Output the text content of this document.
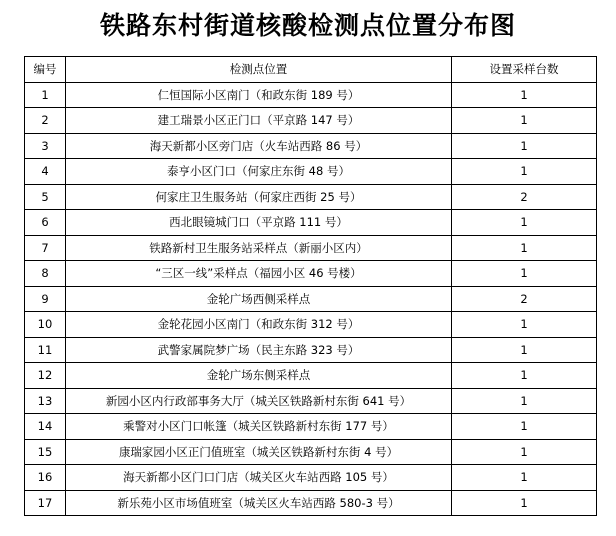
铁路东村街道核酸检测点位置分布图
编号	检测点位置	设置采样台数
1	仁恒国际小区南门（和政东街 189 号）	1
2	建工瑞景小区正门口（平京路 147 号）	1
3	海天新都小区旁门店（火车站西路 86 号）	1
4	泰亨小区门口（何家庄东街 48 号）	1
5	何家庄卫生服务站（何家庄西街 25 号）	2
6	西北眼镜城门口（平京路 111 号）	1
7	铁路新村卫生服务站采样点（新丽小区内）	1
8	“三区一线”采样点（福园小区 46 号楼）	1
9	金轮广场西侧采样点	2
10	金轮花园小区南门（和政东街 312 号）	1
11	武警家属院梦广场（民主东路 323 号）	1
12	金轮广场东侧采样点	1
13	新园小区内行政部事务大厅（城关区铁路新村东街 641 号）	1
14	乘警对小区门口帐篷（城关区铁路新村东街 177 号）	1
15	康瑞家园小区正门值班室（城关区铁路新村东街 4 号）	1
16	海天新都小区门口门店（城关区火车站西路 105 号）	1
17	新乐苑小区市场值班室（城关区火车站西路 580-3 号）	1
